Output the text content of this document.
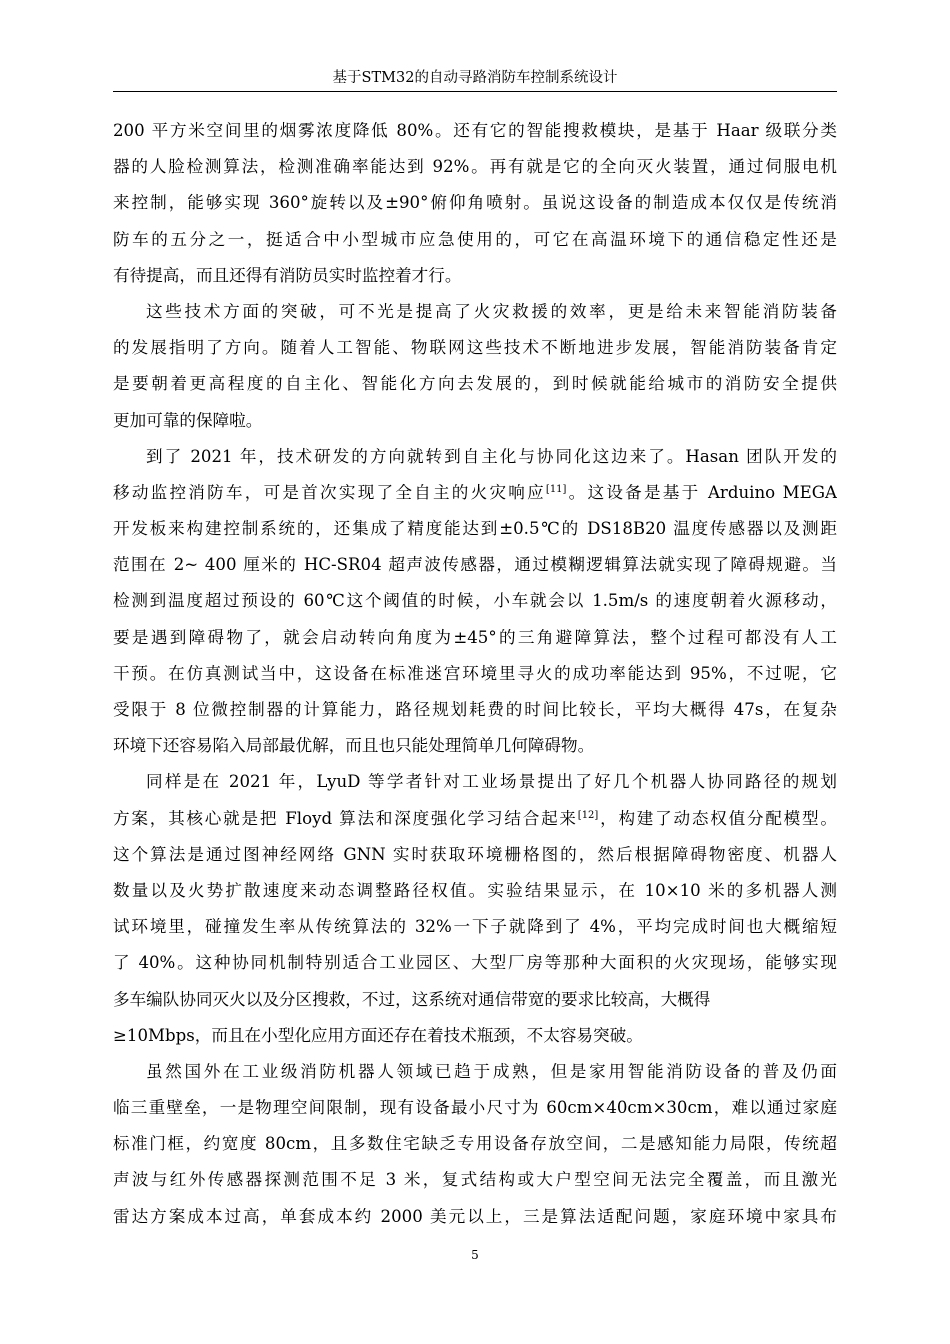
基于STM32的自动寻路消防车控制系统设计
200 平方米空间里的烟雾浓度降低 80%。还有它的智能搜救模块，是基于 Haar 级联分类
器的人脸检测算法，检测准确率能达到 92%。再有就是它的全向灭火装置，通过伺服电机
来控制，能够实现 360°旋转以及±90°俯仰角喷射。虽说这设备的制造成本仅仅是传统消
防车的五分之一，挺适合中小型城市应急使用的，可它在高温环境下的通信稳定性还是
有待提高，而且还得有消防员实时监控着才行。
这些技术方面的突破，可不光是提高了火灾救援的效率，更是给未来智能消防装备
的发展指明了方向。随着人工智能、物联网这些技术不断地进步发展，智能消防装备肯定
是要朝着更高程度的自主化、智能化方向去发展的，到时候就能给城市的消防安全提供
更加可靠的保障啦。
到了 2021 年，技术研发的方向就转到自主化与协同化这边来了。Hasan 团队开发的
移动监控消防车，可是首次实现了全自主的火灾响应[11]。这设备是基于 Arduino MEGA
开发板来构建控制系统的，还集成了精度能达到±0.5℃的 DS18B20 温度传感器以及测距
范围在 2~ 400 厘米的 HC-SR04 超声波传感器，通过模糊逻辑算法就实现了障碍规避。当
检测到温度超过预设的 60℃这个阈值的时候，小车就会以 1.5m/s 的速度朝着火源移动，
要是遇到障碍物了，就会启动转向角度为±45°的三角避障算法，整个过程可都没有人工
干预。在仿真测试当中，这设备在标准迷宫环境里寻火的成功率能达到 95%，不过呢，它
受限于 8 位微控制器的计算能力，路径规划耗费的时间比较长，平均大概得 47s，在复杂
环境下还容易陷入局部最优解，而且也只能处理简单几何障碍物。
同样是在 2021 年，LyuD 等学者针对工业场景提出了好几个机器人协同路径的规划
方案，其核心就是把 Floyd 算法和深度强化学习结合起来[12]，构建了动态权值分配模型。
这个算法是通过图神经网络 GNN 实时获取环境栅格图的，然后根据障碍物密度、机器人
数量以及火势扩散速度来动态调整路径权值。实验结果显示，在 10×10 米的多机器人测
试环境里，碰撞发生率从传统算法的 32%一下子就降到了 4%，平均完成时间也大概缩短
了 40%。这种协同机制特别适合工业园区、大型厂房等那种大面积的火灾现场，能够实现
多车编队协同灭火以及分区搜救，不过，这系统对通信带宽的要求比较高，大概得
≥10Mbps，而且在小型化应用方面还存在着技术瓶颈，不太容易突破。
虽然国外在工业级消防机器人领域已趋于成熟，但是家用智能消防设备的普及仍面
临三重壁垒，一是物理空间限制，现有设备最小尺寸为 60cm×40cm×30cm，难以通过家庭
标准门框，约宽度 80cm，且多数住宅缺乏专用设备存放空间，二是感知能力局限，传统超
声波与红外传感器探测范围不足 3 米，复式结构或大户型空间无法完全覆盖，而且激光
雷达方案成本过高，单套成本约 2000 美元以上，三是算法适配问题，家庭环境中家具布
5
